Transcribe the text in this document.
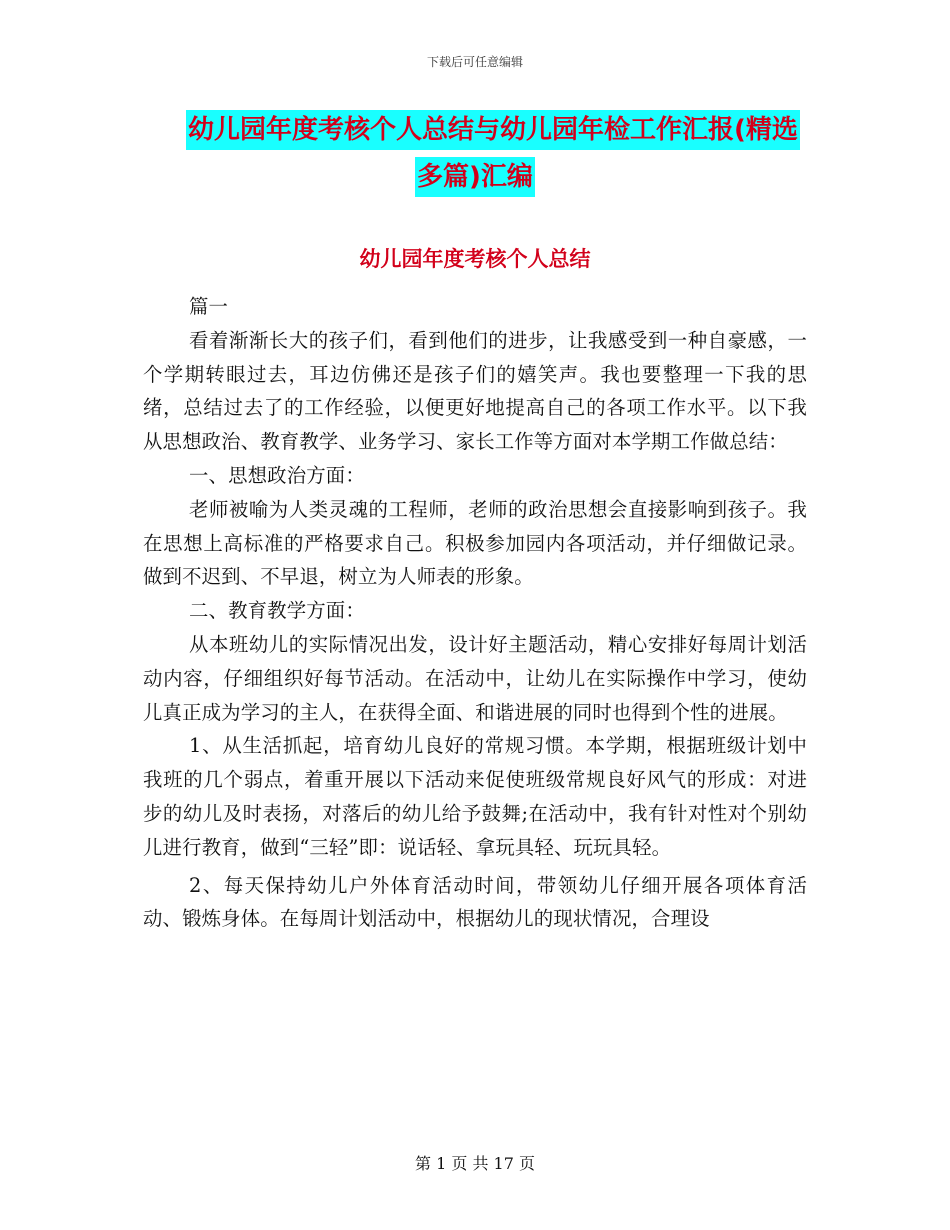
下载后可任意编辑
幼儿园年度考核个人总结与幼儿园年检工作汇报(精选
多篇)汇编
幼儿园年度考核个人总结

篇一

看着渐渐长大的孩子们，看到他们的进步，让我感受到一种自豪感，一个学期转眼过去，耳边仿佛还是孩子们的嬉笑声。我也要整理一下我的思绪，总结过去了的工作经验，以便更好地提高自己的各项工作水平。以下我从思想政治、教育教学、业务学习、家长工作等方面对本学期工作做总结：

一、思想政治方面：

老师被喻为人类灵魂的工程师，老师的政治思想会直接影响到孩子。我在思想上高标准的严格要求自己。积极参加园内各项活动，并仔细做记录。做到不迟到、不早退，树立为人师表的形象。

二、教育教学方面：

从本班幼儿的实际情况出发，设计好主题活动，精心安排好每周计划活动内容，仔细组织好每节活动。在活动中，让幼儿在实际操作中学习，使幼儿真正成为学习的主人，在获得全面、和谐进展的同时也得到个性的进展。

1、从生活抓起，培育幼儿良好的常规习惯。本学期，根据班级计划中我班的几个弱点，着重开展以下活动来促使班级常规良好风气的形成：对进步的幼儿及时表扬，对落后的幼儿给予鼓舞;在活动中，我有针对性对个别幼儿进行教育，做到“三轻”即：说话轻、拿玩具轻、玩玩具轻。

2、每天保持幼儿户外体育活动时间，带领幼儿仔细开展各项体育活动、锻炼身体。在每周计划活动中，根据幼儿的现状情况，合理设

第 1 页 共 17 页
